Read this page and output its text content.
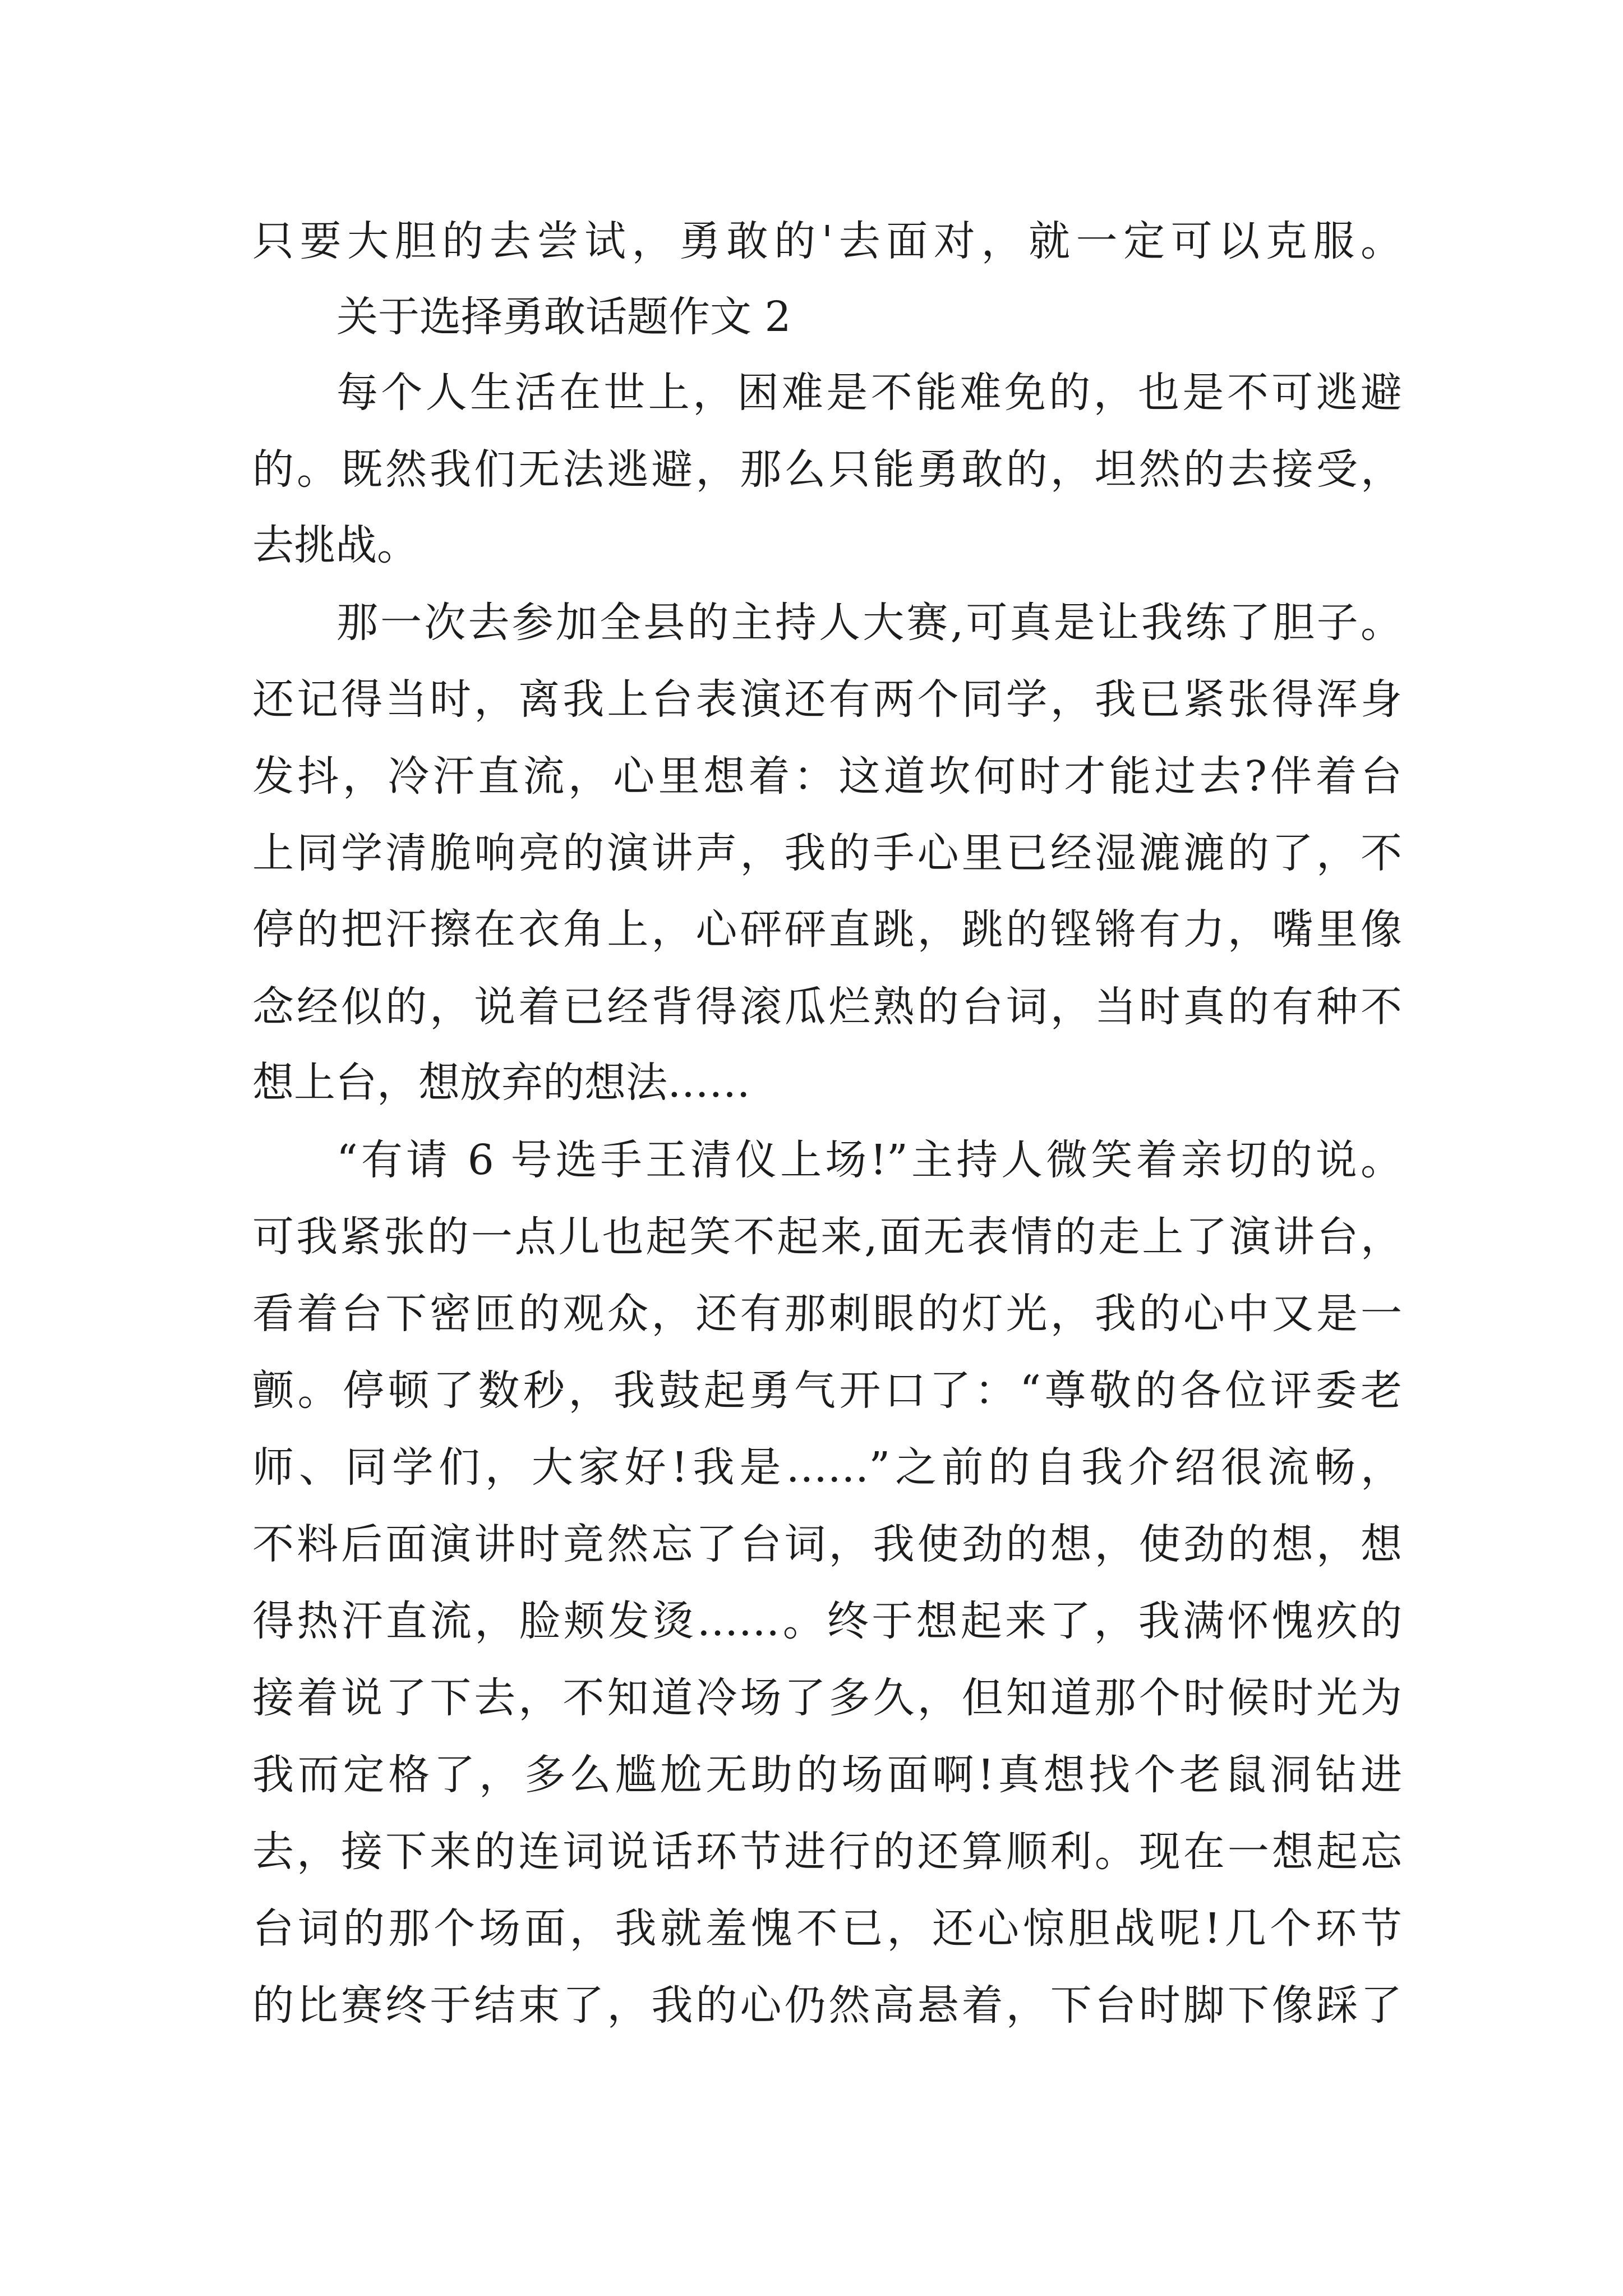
只要大胆的去尝试，勇敢的'去面对，就一定可以克服。
关于选择勇敢话题作文 2
每个人生活在世上，困难是不能难免的，也是不可逃避
的。既然我们无法逃避，那么只能勇敢的，坦然的去接受，
去挑战。
那一次去参加全县的主持人大赛,可真是让我练了胆子。
还记得当时，离我上台表演还有两个同学，我已紧张得浑身
发抖，冷汗直流，心里想着：这道坎何时才能过去?伴着台
上同学清脆响亮的演讲声，我的手心里已经湿漉漉的了，不
停的把汗擦在衣角上，心砰砰直跳，跳的铿锵有力，嘴里像
念经似的，说着已经背得滚瓜烂熟的台词，当时真的有种不
想上台，想放弃的想法……
“有请 6 号选手王清仪上场!”主持人微笑着亲切的说。
可我紧张的一点儿也起笑不起来,面无表情的走上了演讲台，
看着台下密匝的观众，还有那刺眼的灯光，我的心中又是一
颤。停顿了数秒，我鼓起勇气开口了：“尊敬的各位评委老
师、同学们，大家好!我是……”之前的自我介绍很流畅，
不料后面演讲时竟然忘了台词，我使劲的想，使劲的想，想
得热汗直流，脸颊发烫……。终于想起来了，我满怀愧疚的
接着说了下去，不知道冷场了多久，但知道那个时候时光为
我而定格了，多么尴尬无助的场面啊!真想找个老鼠洞钻进
去，接下来的连词说话环节进行的还算顺利。现在一想起忘
台词的那个场面，我就羞愧不已，还心惊胆战呢!几个环节
的比赛终于结束了，我的心仍然高悬着，下台时脚下像踩了
